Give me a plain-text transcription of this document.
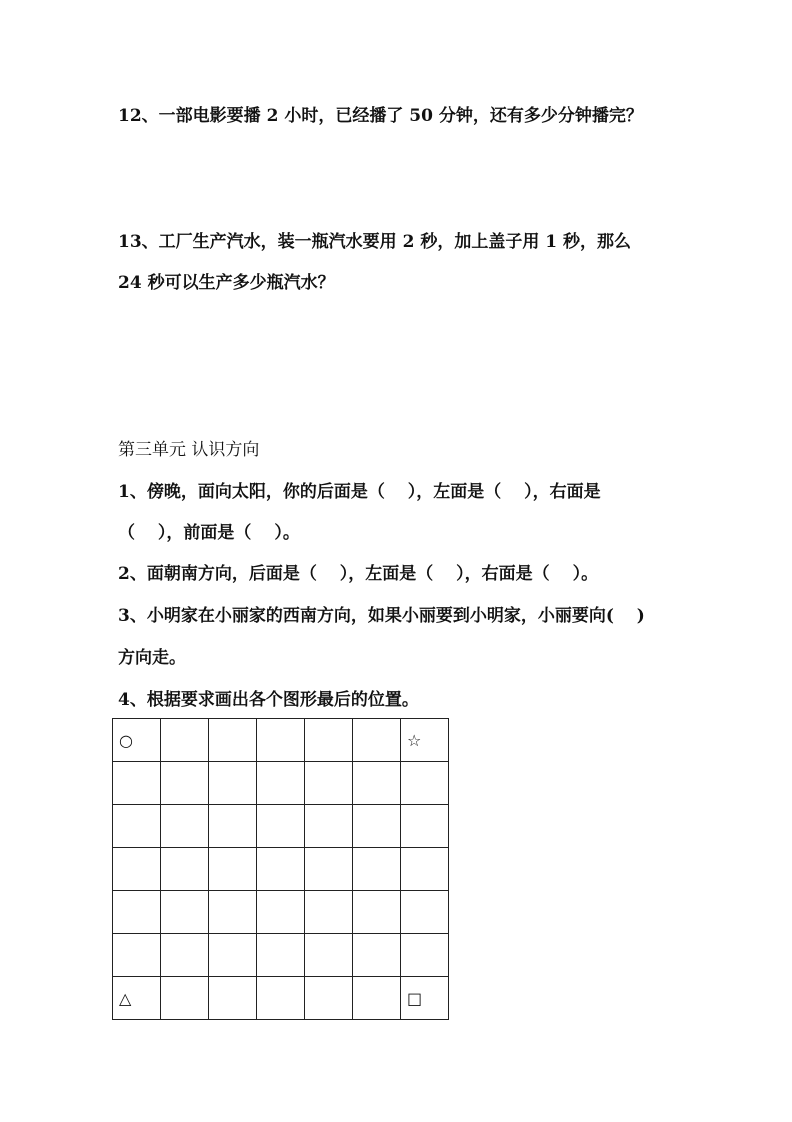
12、一部电影要播 2 小时，已经播了 50 分钟，还有多少分钟播完？
13、工厂生产汽水，装一瓶汽水要用 2 秒，加上盖子用 1 秒，那么
24 秒可以生产多少瓶汽水？
第三单元 认识方向
1、傍晚，面向太阳，你的后面是（　 ），左面是（　 ），右面是
（　 ），前面是（　 ）。
2、面朝南方向，后面是（　 ），左面是（　 ），右面是（　 ）。
3、小明家在小丽家的西南方向，如果小丽要到小明家，小丽要向(　 )
方向走。
4、根据要求画出各个图形最后的位置。
○						☆

△						□
